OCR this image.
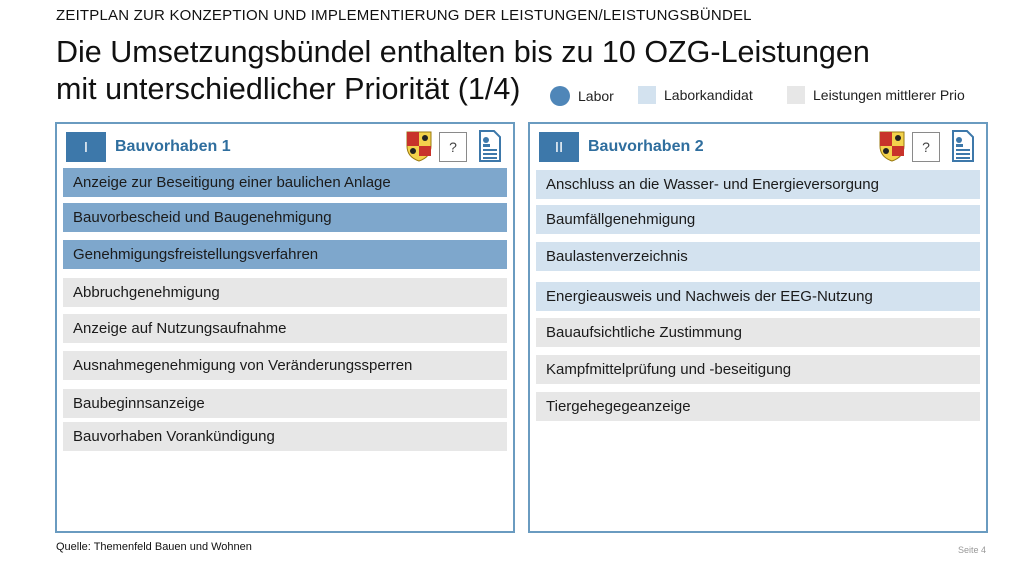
ZEITPLAN ZUR KONZEPTION UND IMPLEMENTIERUNG DER LEISTUNGEN/LEISTUNGSBÜNDEL
Die Umsetzungsbündel enthalten bis zu 10 OZG-Leistungen
mit unterschiedlicher Priorität (1/4)	Labor	Laborkandidat	Leistungen mittlerer Prio
I	Bauvorhaben 1	?
Anzeige zur Beseitigung einer baulichen Anlage
Bauvorbescheid und Baugenehmigung
Genehmigungsfreistellungsverfahren
Abbruchgenehmigung
Anzeige auf Nutzungsaufnahme
Ausnahmegenehmigung von Veränderungssperren
Baubeginnsanzeige
Bauvorhaben Vorankündigung
II	Bauvorhaben 2	?
Anschluss an die Wasser- und Energieversorgung
Baumfällgenehmigung
Baulastenverzeichnis
Energieausweis und Nachweis der EEG-Nutzung
Bauaufsichtliche Zustimmung
Kampfmittelprüfung und -beseitigung
Tiergehegegeanzeige
Quelle: Themenfeld Bauen und Wohnen	Seite 4
